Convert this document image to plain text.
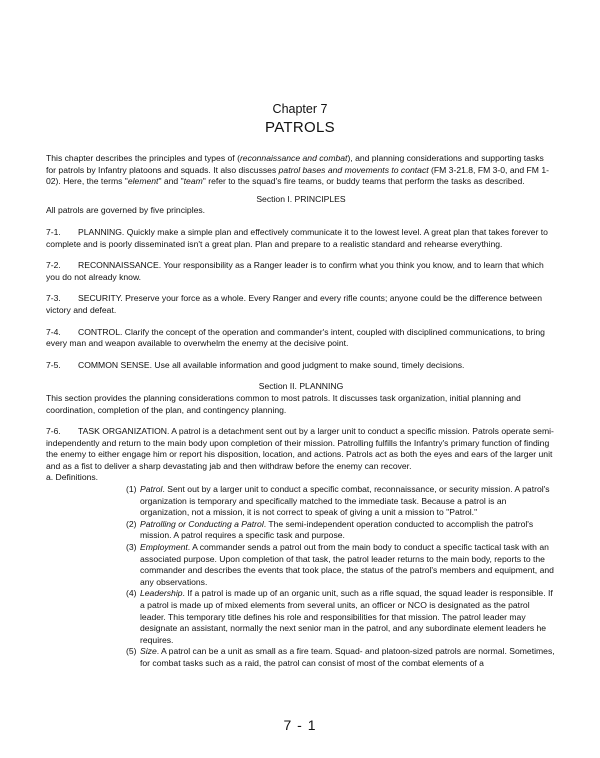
Chapter 7
PATROLS

This chapter describes the principles and types of (reconnaissance and combat), and planning considerations and supporting tasks for patrols by Infantry platoons and squads. It also discusses patrol bases and movements to contact (FM 3-21.8, FM 3-0, and FM 1-02). Here, the terms "element" and "team" refer to the squad's fire teams, or buddy teams that perform the tasks as described.

Section I. PRINCIPLES

All patrols are governed by five principles.

7-1. PLANNING. Quickly make a simple plan and effectively communicate it to the lowest level. A great plan that takes forever to complete and is poorly disseminated isn't a great plan. Plan and prepare to a realistic standard and rehearse everything.

7-2. RECONNAISSANCE. Your responsibility as a Ranger leader is to confirm what you think you know, and to learn that which you do not already know.

7-3. SECURITY. Preserve your force as a whole. Every Ranger and every rifle counts; anyone could be the difference between victory and defeat.

7-4. CONTROL. Clarify the concept of the operation and commander's intent, coupled with disciplined communications, to bring every man and weapon available to overwhelm the enemy at the decisive point.

7-5. COMMON SENSE. Use all available information and good judgment to make sound, timely decisions.

Section II. PLANNING

This section provides the planning considerations common to most patrols. It discusses task organization, initial planning and coordination, completion of the plan, and contingency planning.

7-6. TASK ORGANIZATION. A patrol is a detachment sent out by a larger unit to conduct a specific mission. Patrols operate semi-independently and return to the main body upon completion of their mission. Patrolling fulfills the Infantry's primary function of finding the enemy to either engage him or report his disposition, location, and actions. Patrols act as both the eyes and ears of the larger unit and as a fist to deliver a sharp devastating jab and then withdraw before the enemy can recover.

a. Definitions.

(1) Patrol. Sent out by a larger unit to conduct a specific combat, reconnaissance, or security mission. A patrol's organization is temporary and specifically matched to the immediate task. Because a patrol is an organization, not a mission, it is not correct to speak of giving a unit a mission to "Patrol."

(2) Patrolling or Conducting a Patrol. The semi-independent operation conducted to accomplish the patrol's mission. A patrol requires a specific task and purpose.

(3) Employment. A commander sends a patrol out from the main body to conduct a specific tactical task with an associated purpose. Upon completion of that task, the patrol leader returns to the main body, reports to the commander and describes the events that took place, the status of the patrol's members and equipment, and any observations.

(4) Leadership. If a patrol is made up of an organic unit, such as a rifle squad, the squad leader is responsible. If a patrol is made up of mixed elements from several units, an officer or NCO is designated as the patrol leader. This temporary title defines his role and responsibilities for that mission. The patrol leader may designate an assistant, normally the next senior man in the patrol, and any subordinate element leaders he requires.

(5) Size. A patrol can be a unit as small as a fire team. Squad- and platoon-sized patrols are normal. Sometimes, for combat tasks such as a raid, the patrol can consist of most of the combat elements of a

7 - 1
